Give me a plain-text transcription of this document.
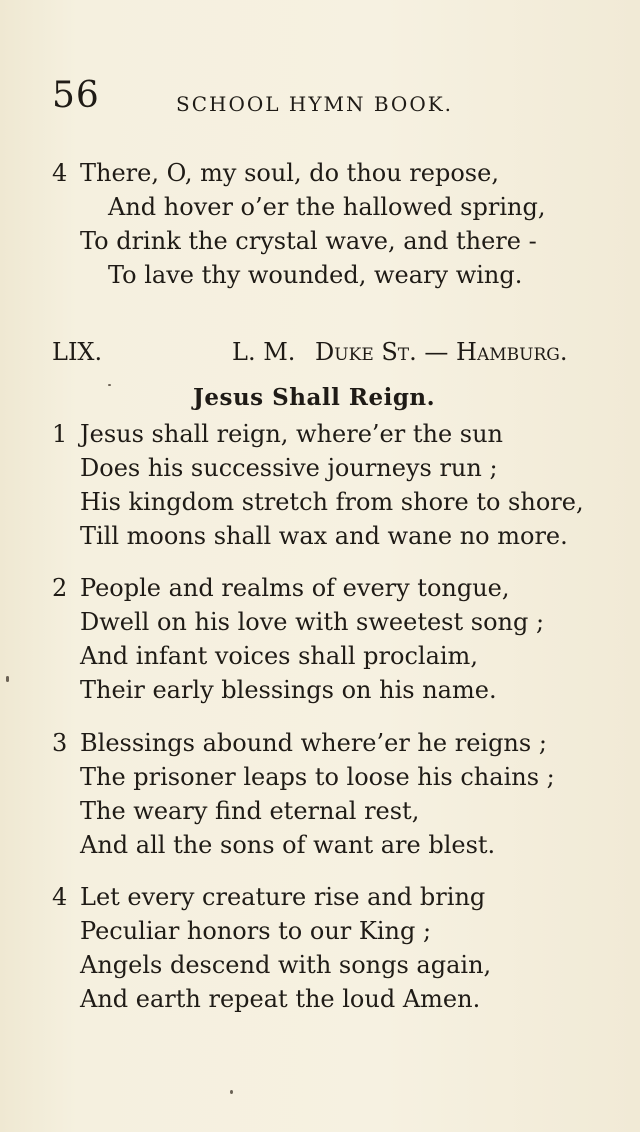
56	SCHOOL HYMN BOOK.
4 There, O, my soul, do thou repose,
And hover o’er the hallowed spring,
To drink the crystal wave, and there -
To lave thy wounded, weary wing.
LIX.	L. M. Duke St. — Hamburg.
Jesus Shall Reign.
1 Jesus shall reign, where’er the sun
Does his successive journeys run ;
His kingdom stretch from shore to shore,
Till moons shall wax and wane no more.
2 People and realms of every tongue,
Dwell on his love with sweetest song ;
And infant voices shall proclaim,
Their early blessings on his name.
3 Blessings abound where’er he reigns ;
The prisoner leaps to loose his chains ;
The weary find eternal rest,
And all the sons of want are blest.
4 Let every creature rise and bring
Peculiar honors to our King ;
Angels descend with songs again,
And earth repeat the loud Amen.
